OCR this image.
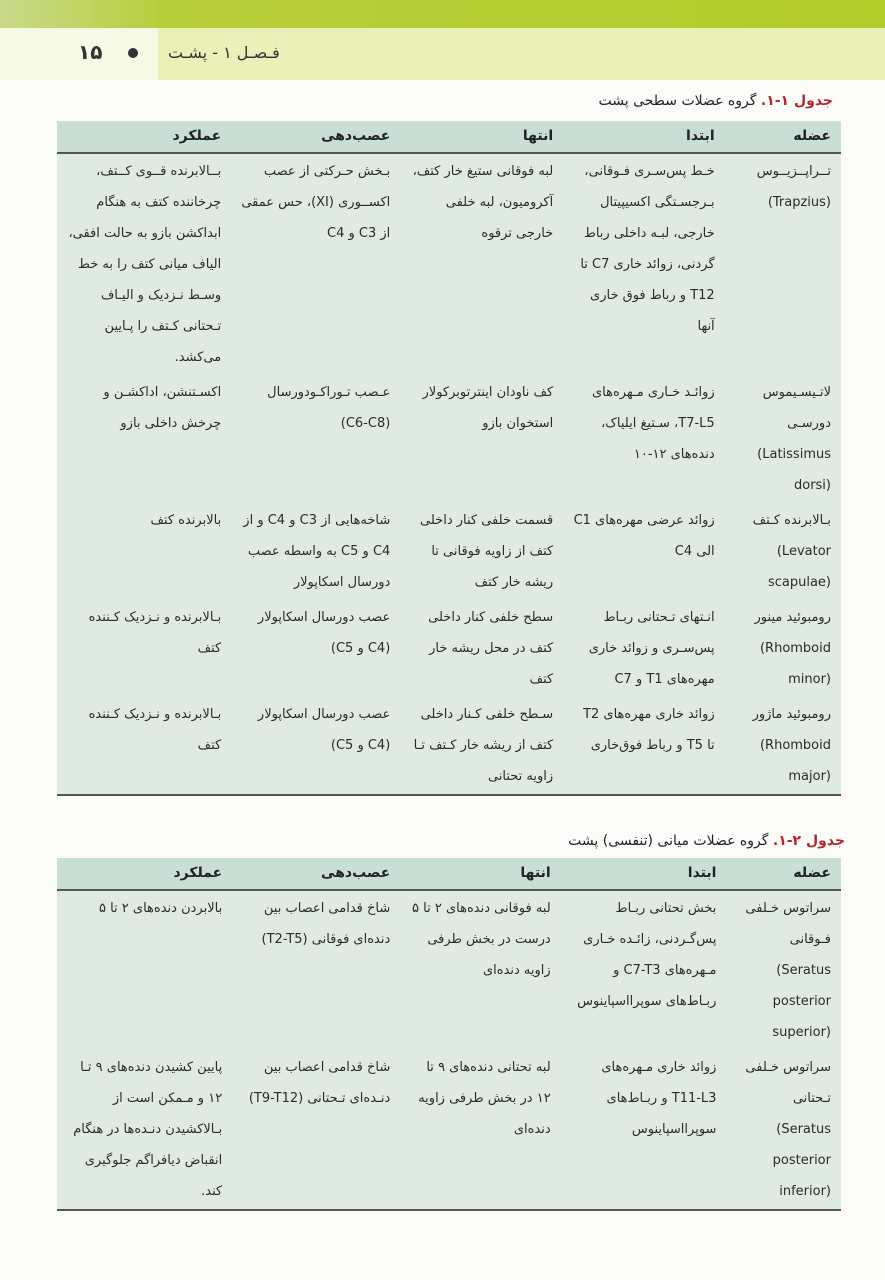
۱۵	فـصـل ۱ - پشـت
جدول ۱-۱. گروه عضلات سطحی پشت
عضله	ابتدا	انتها	عصب‌دهی	عملکرد
تــراپــزیــوس
(Trapzius)	خـط پس‌سـری فـوقانی، بـرجسـتگی اکسیپیتال خارجی، لبـه داخلی رباط گردنی، زوائد خاری C7 تا T12 و رباط فوق خاری آنها	لبه فوقانی ستیغ خار کتف، آکرومیون، لبه خلفی خارجی ترقوه	بـخش حـرکتی از عصب اکسـ‌ـوری (XI)، حس عمقی از C3 و C4	بــالابرنده قــوی کــتف، چرخاننده کتف به هنگام ابداکشن بازو به حالت افقی، الیاف میانی کتف را به خط وسـط نـزدیک و الیـاف تـحتانی کـتف را پـایین می‌کشد.
لاتـیسـیموس دورسـی
(Latissimus dorsi)	زوائـد خـاری مـهره‌های T7-L5، سـتیغ ایلیاک، دنده‌های ۱۲-۱۰	کف ناودان اینترتوبرکولار استخوان بازو	عـصب تـوراکـودورسال (C6-C8)	اکسـتنشن، اداکشـن و چرخش داخلی بازو
بـالابرنده کـتف
(Levator scapulae)	زوائد عرضی مهره‌های C1 الی C4	قسمت خلفی کنار داخلی کتف از زاویه فوقانی تا ریشه خار کتف	شاخه‌هایی از C3 و C4 و از C4 و C5 به واسطه عصب دورسال اسکاپولار	بالابرنده کتف
رومبوئید مینور
(Rhomboid minor)	انـتهای تـحتانی ربـاط پس‌سـری و زوائد خاری مهره‌های T1 و C7	سطح خلفی کنار داخلی کتف در محل ریشه خار کتف	عصب دورسال اسکاپولار (C4 و C5)	بـالابرنده و نـزدیک کـننده کتف
رومبوئید ماژور
(Rhomboid major)	زوائد خاری مهره‌های T2 تا T5 و رباط فوق‌خاری	سـطح خلفی کـنار داخلی کتف از ریشه خار کـتف تـا زاویه تحتانی	عصب دورسال اسکاپولار (C4 و C5)	بـالابرنده و نـزدیک کـننده کتف
جدول ۲-۱. گروه عضلات میانی (تنفسی) پشت
عضله	ابتدا	انتها	عصب‌دهی	عملکرد
سراتوس خـلفی فـوقانی
(Seratus posterior superior)	بخش تحتانی ربـاط پس‌گـردنی، زائـده خـاری مـهره‌های C7-T3 و ربـاط‌های سوپرااسپاینوس	لبه فوقانی دنده‌های ۲ تا ۵ درست در بخش طرفی زاویه دنده‌ای	شاخ قدامی اعصاب بین دنده‌ای فوقانی (T2-T5)	بالابردن دنده‌های ۲ تا ۵
سراتوس خـلفی تـحتانی
(Seratus posterior inferior)	زوائد خاری مـهره‌های T11-L3 و ربـاط‌های سوپرااسپاینوس	لبه تحتانی دنده‌های ۹ تا ۱۲ در بخش طرفی زاویه دنده‌ای	شاخ قدامی اعصاب بین دنـده‌ای تـحتانی (T9-T12)	پایین کشیدن دنده‌های ۹ تـا ۱۲ و مـمکن است از بـالاکشیدن دنـده‌ها در هنگام انقباض دیافراگم جلوگیری کند.
